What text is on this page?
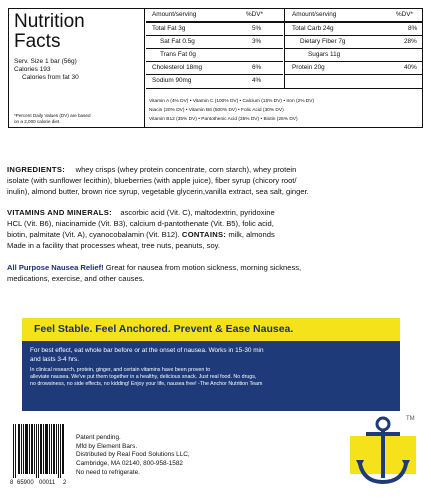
Nutrition
Facts
Serv. Size 1 bar (56g)
Calories 193
Calories from fat 30
*Percent Daily Values (DV) are based
on a 2,000 calorie diet.
Amount/serving	%DV*	Amount/serving	%DV*
Total Fat 3g	5%
Sat Fat 0.5g	3%
Trans Fat 0g
Cholesterol 18mg	6%
Sodium 90mg	4%
Total Carb 24g	8%
Dietary Fiber 7g	28%
Sugars 11g
Protein 20g	40%
Vitamin A (4% DV) • Vitamin C (100% DV) • Calcium (15% DV) • Iron (2% DV)
Niacin (20% DV) • Vitamin B6 (500% DV) • Folic Acid (30% DV)
Vitamin B12 (35% DV) • Pantothenic Acid (35% DV) • Biotin (25% DV)
INGREDIENTS: whey crisps (whey protein concentrate, corn starch), whey protein
isolate (with sunflower lecithin), blueberries (with apple juice), fiber syrup (chicory root/
inulin), almond butter, brown rice syrup, vegetable glycerin,vanilla extract, sea salt, ginger.
VITAMINS AND MINERALS: ascorbic acid (Vit. C), maltodextrin, pyridoxine
HCL (Vit. B6), niacinamide (Vit. B3), calcium d-pantothenate (Vit. B5), folic acid,
biotin, palmitate (Vit. A), cyanocobalamin (Vit. B12). CONTAINS: milk, almonds
Made in a facility that processes wheat, tree nuts, peanuts, soy.
All Purpose Nausea Relief! Great for nausea from motion sickness, morning sickness,
medications, exercise, and other causes.
Feel Stable. Feel Anchored. Prevent & Ease Nausea.
For best effect, eat whole bar before or at the onset of nausea. Works in 15-30 min
and lasts 3-4 hrs.
In clinical research, protein, ginger, and certain vitamins have been proven to
alleviate nausea. We've put them together in a healthy, delicious snack. Just real food. No drugs,
no drowsiness, no side effects, no kidding! Enjoy your life, nausea free! -The Anchor Nutrition Team
8 65900 00011 2
Patent pending.
Mfd by Element Bars.
Distributed by Real Food Solutions LLC,
Cambridge, MA 02140, 800-958-1582
No need to refrigerate.
TM
